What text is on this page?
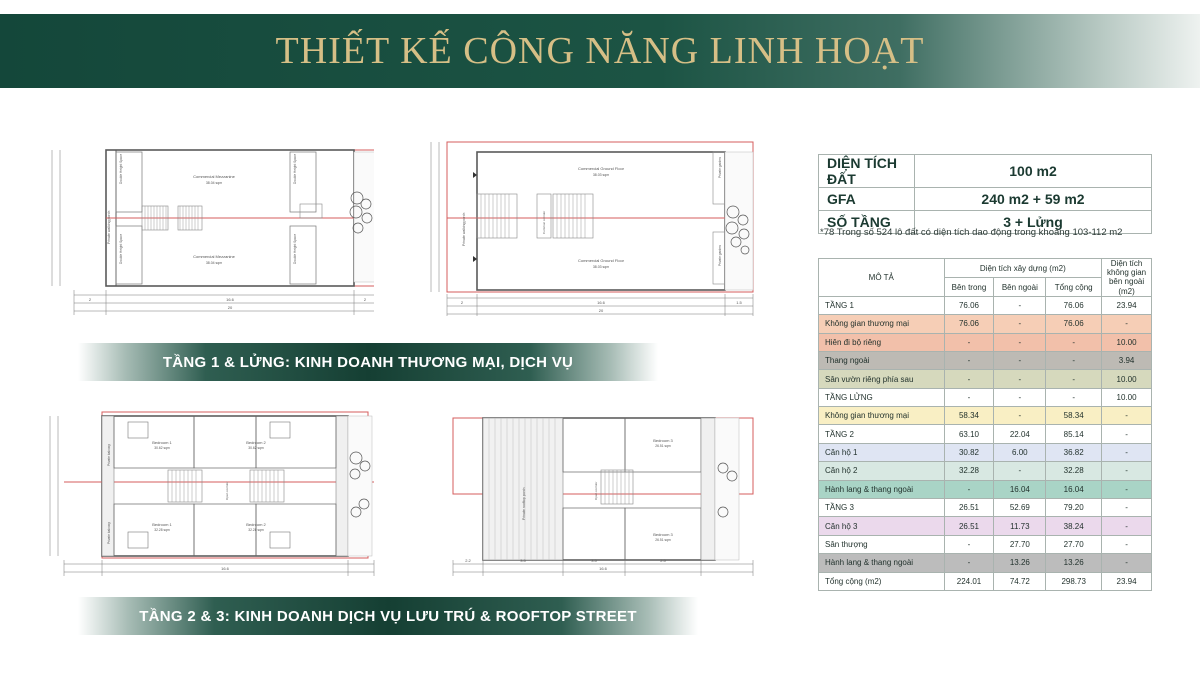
THIẾT KẾ CÔNG NĂNG LINH HOẠT
Commercial Mezzanine
38.04 sqm
Commercial Mezzanine
38.04 sqm
Double Height Space
Double Height Space
Double Height Space
Double Height Space
Private walking porch
2	16.6	2
20
Commercial Ground Floor
38.03 sqm
Commercial Ground Floor
38.03 sqm
Private garden
Private garden
Private walking porch	Common corridor
2	16.6	1.5
20
TẦNG 1 & LỬNG: KINH DOANH THƯƠNG MẠI, DỊCH VỤ
Bedroom 1
30.62 sqm
Bedroom 2
30.62 sqm
Bedroom 1
32.28 sqm
Bedroom 2
32.28 sqm
Private balcony
Private balcony
Open corridor
16.6
Bedroom 3
26.51 sqm
Bedroom 3
26.51 sqm
Private rooftop porch	Open corridor
2.2	3.5	3.5	2.5
16.6
TẦNG 2 & 3: KINH DOANH DỊCH VỤ LƯU TRÚ & ROOFTOP STREET
DIỆN TÍCH ĐẤT	100 m2
GFA	240 m2 + 59 m2
SỐ TẦNG	3 + Lửng
*78 Trong số 524 lô đất có diện tích dao động trong khoảng 103-112 m2
MÔ TẢ	Diện tích xây dựng (m2)			Diện tích không gian bên ngoài (m2)
	Bên trong	Bên ngoài	Tổng cộng	
TẦNG 1	76.06	-	76.06	23.94
Không gian thương mại	76.06	-	76.06	-
Hiên đi bộ riêng	-	-	-	10.00
Thang ngoài	-	-	-	3.94
Sân vườn riêng phía sau	-	-	-	10.00
TẦNG LỬNG	-	-	-	10.00
Không gian thương mại	58.34	-	58.34	-
TẦNG 2	63.10	22.04	85.14	-
Căn hộ 1	30.82	6.00	36.82	-
Căn hộ 2	32.28	-	32.28	-
Hành lang & thang ngoài	-	16.04	16.04	-
TẦNG 3	26.51	52.69	79.20	-
Căn hộ 3	26.51	11.73	38.24	-
Sân thượng	-	27.70	27.70	-
Hành lang & thang ngoài	-	13.26	13.26	-
Tổng cộng (m2)	224.01	74.72	298.73	23.94
